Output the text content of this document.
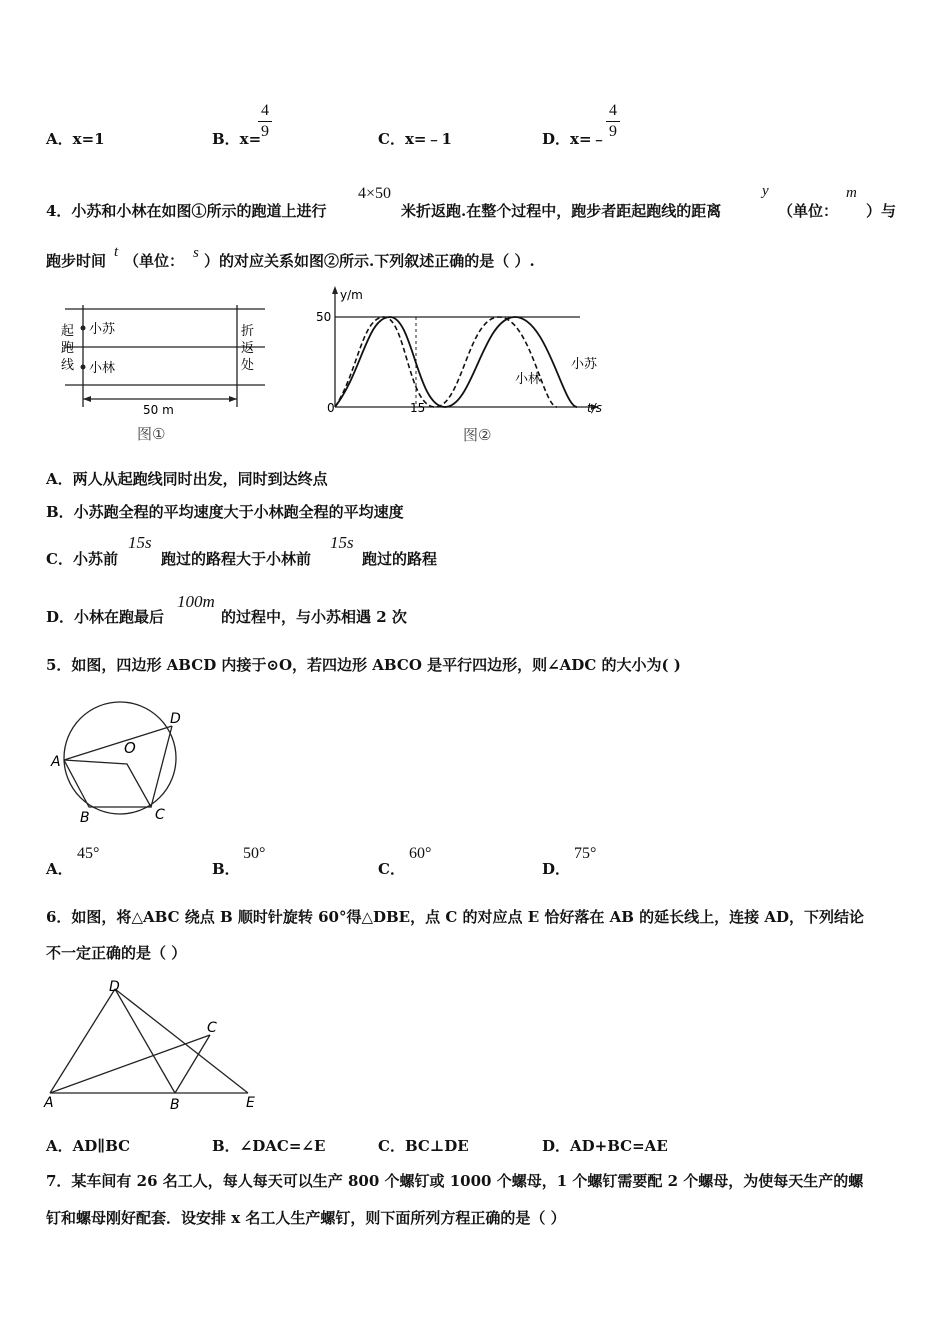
A．x=1	B．x=
4
9	C．x=﹣1	D．x=﹣
4
9
4．小苏和小林在如图①所示的跑道上进行
4×50
米折返跑.在整个过程中，跑步者距起跑线的距离
y
（单位：
m
）与
跑步时间 t （单位： s ）的对应关系如图②所示.下列叙述正确的是（ ）.
起
跑
线
折
返
处
小苏
小林
50 m
图①
y/m
t/s
50
0	15
小苏
小林
图②
A．两人从起跑线同时出发，同时到达终点
B．小苏跑全程的平均速度大于小林跑全程的平均速度
C．小苏前
15s
跑过的路程大于小林前
15s
跑过的路程
D．小林在跑最后
100m
的过程中，与小苏相遇 2 次
5．如图，四边形 ABCD 内接于⊙O，若四边形 ABCO 是平行四边形，则∠ADC 的大小为( )
A
B	C
D
O
A．
45°
B．
50°
C．
60°
D．
75°
6．如图，将△ABC 绕点 B 顺时针旋转 60°得△DBE，点 C 的对应点 E 恰好落在 AB 的延长线上，连接 AD，下列结论
不一定正确的是（ ）
A	B
C
D
E
A．AD∥BC	B．∠DAC=∠E	C．BC⊥DE	D．AD+BC=AE
7．某车间有 26 名工人，每人每天可以生产 800 个螺钉或 1000 个螺母，1 个螺钉需要配 2 个螺母，为使每天生产的螺
钉和螺母刚好配套．设安排 x 名工人生产螺钉，则下面所列方程正确的是（ ）
